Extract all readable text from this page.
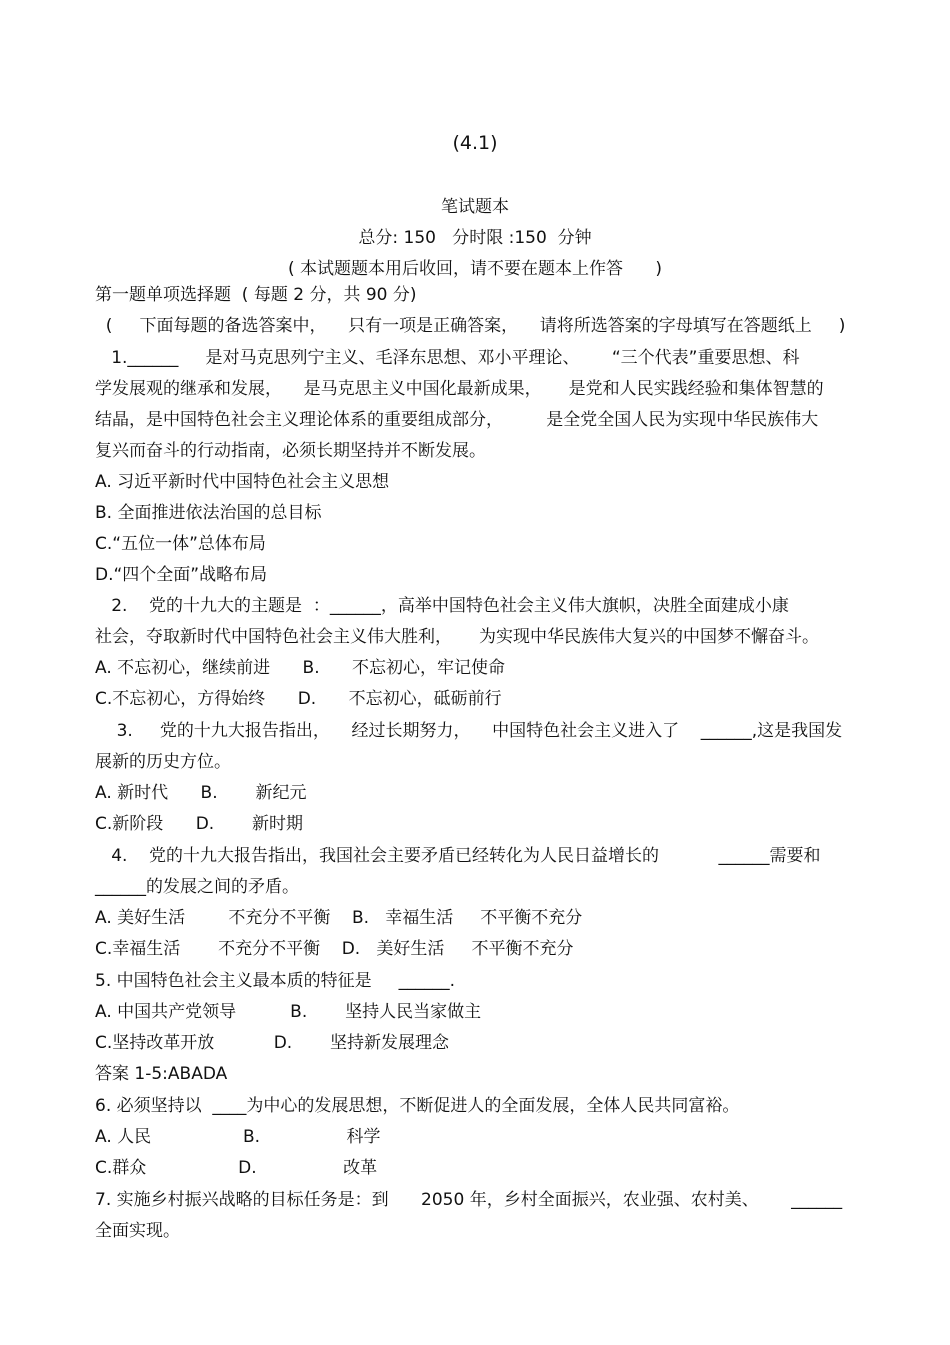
(4.1)
笔试题本
总分: 150   分时限 :150  分钟
( 本试题题本用后收回，请不要在题本上作答      )
第一题单项选择题  ( 每题 2 分，共 90 分)
(     下面每题的备选答案中，    只有一项是正确答案，    请将所选答案的字母填写在答题纸上     )
1.______     是对马克思列宁主义、毛泽东思想、邓小平理论、      “三个代表”重要思想、科
学发展观的继承和发展，    是马克思主义中国化最新成果，     是党和人民实践经验和集体智慧的
结晶，是中国特色社会主义理论体系的重要组成部分，        是全党全国人民为实现中华民族伟大
复兴而奋斗的行动指南，必须长期坚持并不断发展。
A. 习近平新时代中国特色社会主义思想
B. 全面推进依法治国的总目标
C.“五位一体”总体布局
D.“四个全面”战略布局
2.    党的十九大的主题是  ：______，高举中国特色社会主义伟大旗帜，决胜全面建成小康
社会，夺取新时代中国特色社会主义伟大胜利，     为实现中华民族伟大复兴的中国梦不懈奋斗。
A. 不忘初心，继续前进      B.      不忘初心，牢记使命
C.不忘初心，方得始终      D.      不忘初心，砥砺前行
3.     党的十九大报告指出，    经过长期努力，    中国特色社会主义进入了    ______,这是我国发
展新的历史方位。
A. 新时代      B.       新纪元
C.新阶段      D.       新时期
4.    党的十九大报告指出，我国社会主要矛盾已经转化为人民日益增长的           ______需要和
______的发展之间的矛盾。
A. 美好生活        不充分不平衡    B.   幸福生活     不平衡不充分
C.幸福生活       不充分不平衡    D.   美好生活     不平衡不充分
5. 中国特色社会主义最本质的特征是     ______.
A. 中国共产党领导          B.       坚持人民当家做主
C.坚持改革开放           D.       坚持新发展理念
答案 1-5:ABADA
6. 必须坚持以  ____为中心的发展思想，不断促进人的全面发展，全体人民共同富裕。
A. 人民                 B.                科学
C.群众                 D.                改革
7. 实施乡村振兴战略的目标任务是：到      2050 年，乡村全面振兴，农业强、农村美、      ______
全面实现。
